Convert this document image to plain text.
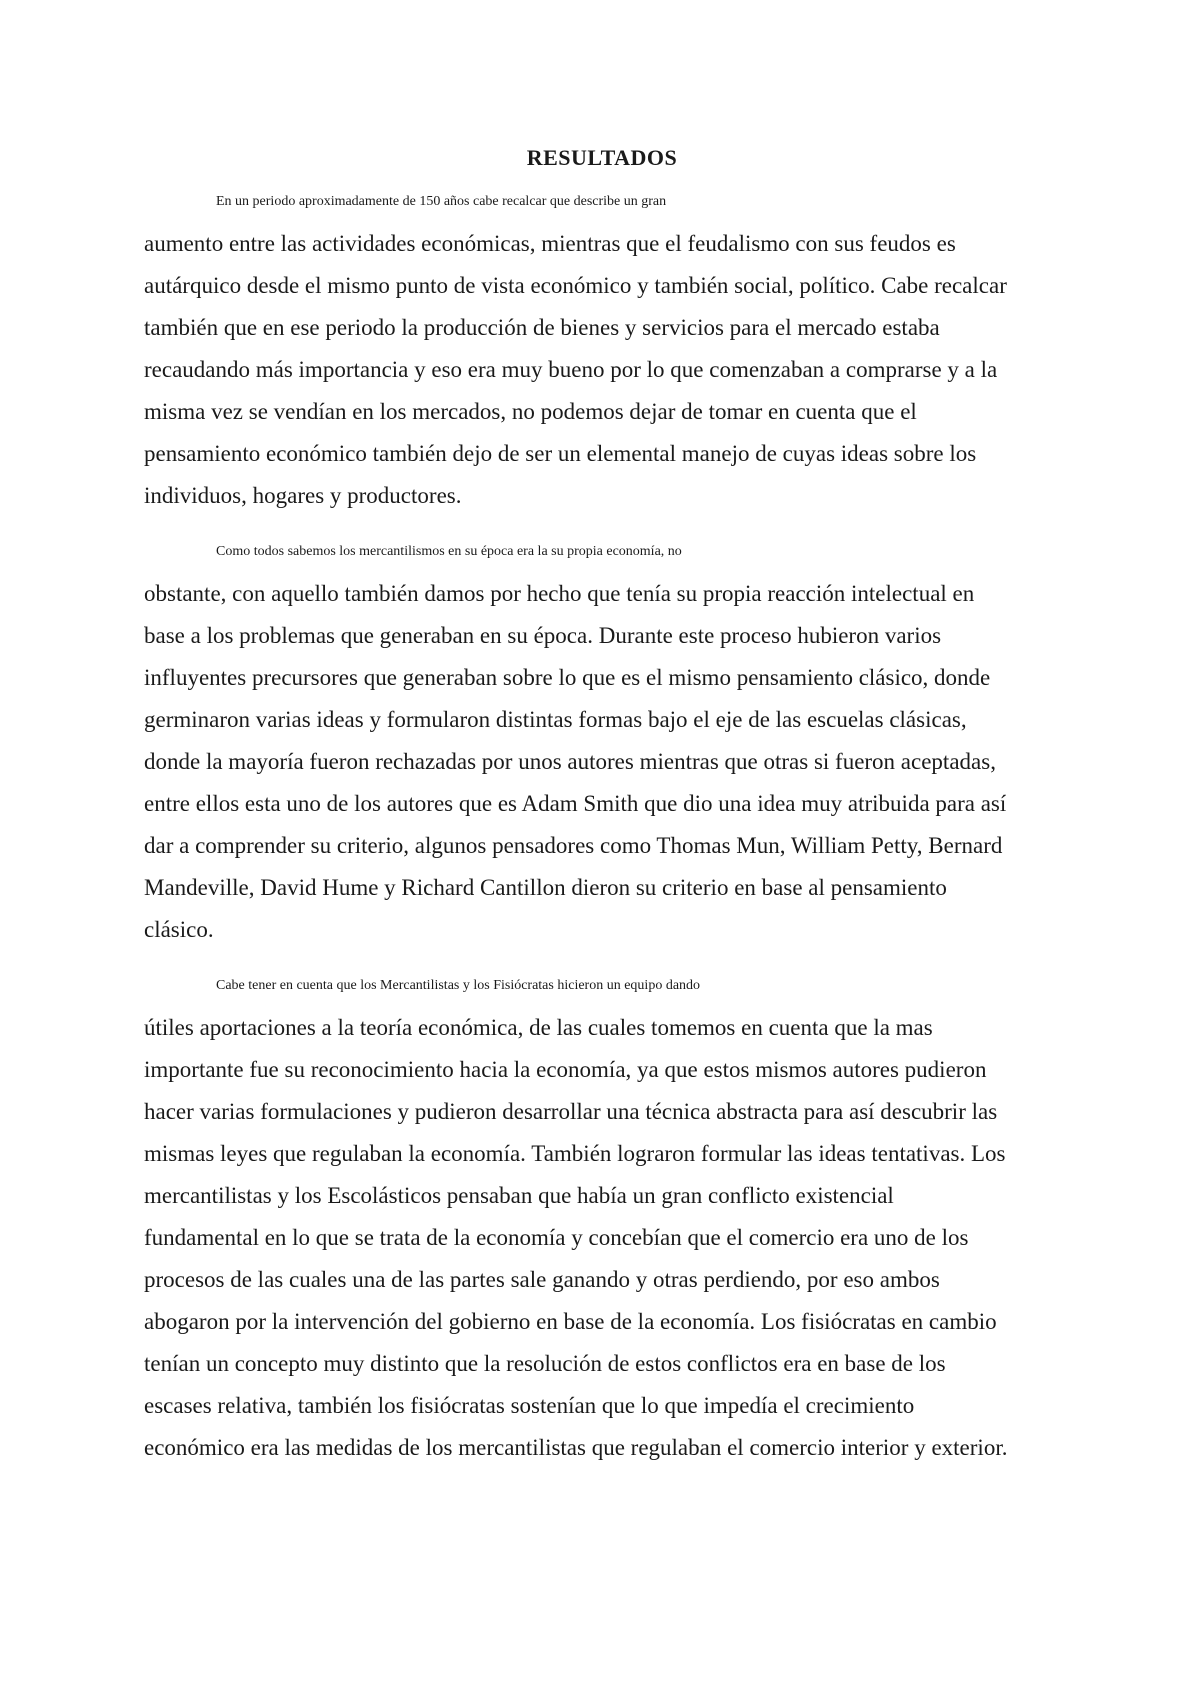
RESULTADOS
En un periodo aproximadamente de 150 años cabe recalcar que describe un gran
aumento entre las actividades económicas, mientras que el feudalismo con sus feudos es
autárquico desde el mismo punto de vista económico y también social, político. Cabe recalcar
también que en ese periodo la producción de bienes y servicios para el mercado estaba
recaudando más importancia y eso era muy bueno por lo que comenzaban a comprarse y a la
misma vez se vendían en los mercados, no podemos dejar de tomar en cuenta que el
pensamiento económico también dejo de ser un elemental manejo de cuyas ideas sobre los
individuos, hogares y productores.
Como todos sabemos los mercantilismos en su época era la su propia economía, no
obstante, con aquello también damos por hecho que tenía su propia reacción intelectual en
base a los problemas que generaban en su época. Durante este proceso hubieron varios
influyentes precursores que generaban sobre lo que es el mismo pensamiento clásico, donde
germinaron varias ideas y formularon distintas formas bajo el eje de las escuelas clásicas,
donde la mayoría fueron rechazadas por unos autores mientras que otras si fueron aceptadas,
entre ellos esta uno de los autores que es Adam Smith que dio una idea muy atribuida para así
dar a comprender su criterio, algunos pensadores como Thomas Mun, William Petty, Bernard
Mandeville, David Hume y Richard Cantillon dieron su criterio en base al pensamiento
clásico.
Cabe tener en cuenta que los Mercantilistas y los Fisiócratas hicieron un equipo dando
útiles aportaciones a la teoría económica, de las cuales tomemos en cuenta que la mas
importante fue su reconocimiento hacia la economía, ya que estos mismos autores pudieron
hacer varias formulaciones y pudieron desarrollar una técnica abstracta para así descubrir las
mismas leyes que regulaban la economía. También lograron formular las ideas tentativas. Los
mercantilistas y los Escolásticos pensaban que había un gran conflicto existencial
fundamental en lo que se trata de la economía y concebían que el comercio era uno de los
procesos de las cuales una de las partes sale ganando y otras perdiendo, por eso ambos
abogaron por la intervención del gobierno en base de la economía. Los fisiócratas en cambio
tenían un concepto muy distinto que la resolución de estos conflictos era en base de los
escases relativa, también los fisiócratas sostenían que lo que impedía el crecimiento
económico era las medidas de los mercantilistas que regulaban el comercio interior y exterior.
